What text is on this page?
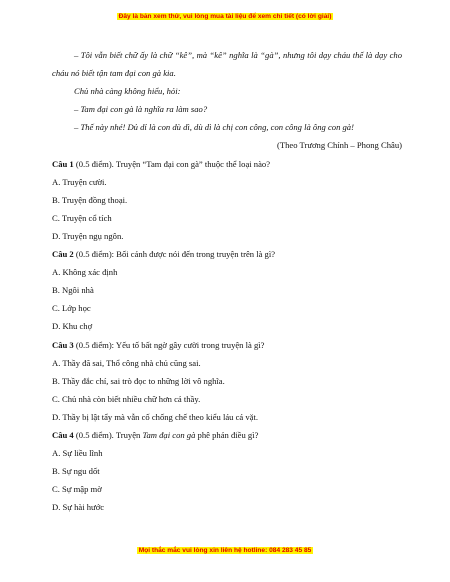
Đây là bản xem thử, vui lòng mua tài liệu để xem chi tiết (có lời giải)
– Tôi vẫn biết chữ ấy là chữ “kê”, mà “kê” nghĩa là “gà”, nhưng tôi dạy cháu thế là dạy cho cháu nó biết tận tam đại con gà kia.
Chủ nhà càng không hiểu, hỏi:
– Tam đại con gà là nghĩa ra làm sao?
– Thế này nhé! Dủ dỉ là con dù dì, dù dì là chị con công, con công là ông con gà!
(Theo Trương Chính – Phong Châu)
Câu 1 (0.5 điểm). Truyện “Tam đại con gà” thuộc thể loại nào?
A. Truyện cười.
B. Truyện đồng thoại.
C. Truyện cổ tích
D. Truyện ngụ ngôn.
Câu 2 (0.5 điểm): Bối cảnh được nói đến trong truyện trên là gì?
A. Không xác định
B. Ngôi nhà
C. Lớp học
D. Khu chợ
Câu 3 (0.5 điểm): Yếu tố bất ngờ gây cười trong truyện là gì?
A. Thầy đã sai, Thổ công nhà chủ cũng sai.
B. Thầy đắc chí, sai trò đọc to những lời vô nghĩa.
C. Chủ nhà còn biết nhiều chữ hơn cả thầy.
D. Thầy bị lật tẩy mà vẫn cố chống chế theo kiểu láu cá vặt.
Câu 4 (0.5 điểm). Truyện Tam đại con gà phê phán điều gì?
A. Sự liều lĩnh
B. Sự ngu dốt
C. Sự mập mờ
D. Sự hài hước
Mọi thắc mắc vui lòng xin liên hệ hotline: 084 283 45 85
